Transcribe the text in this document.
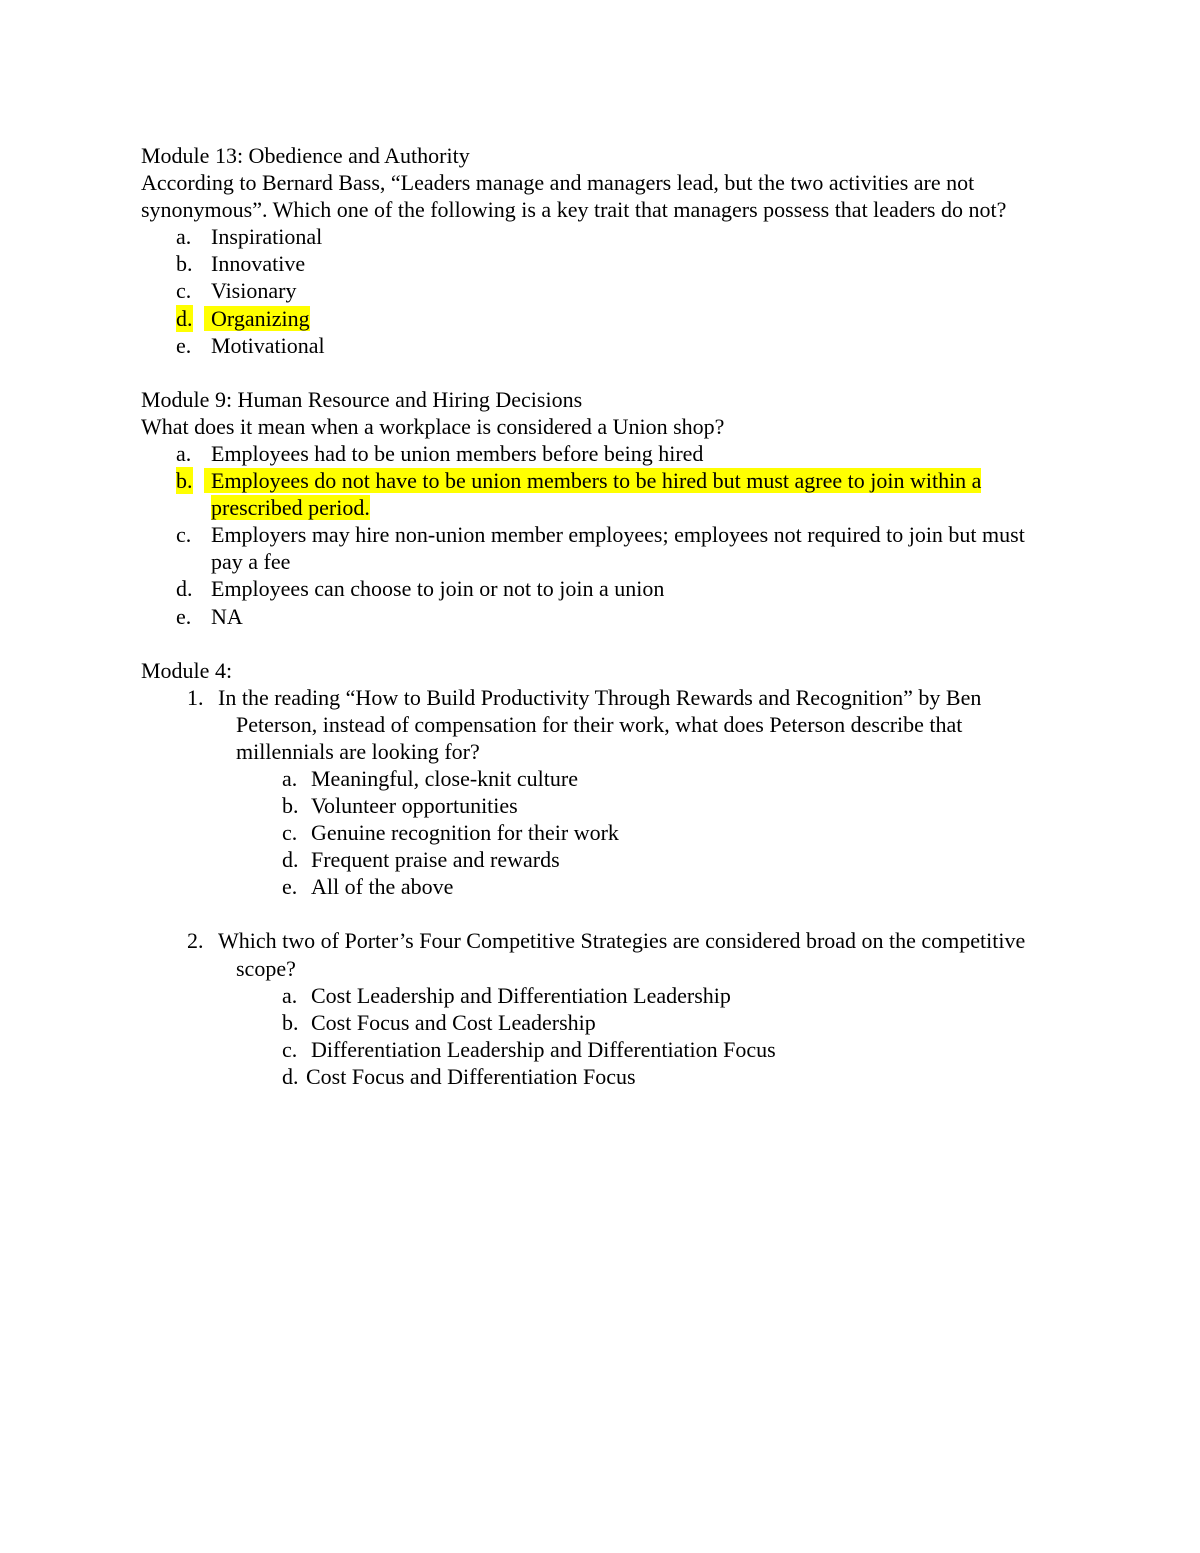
Module 13: Obedience and Authority
According to Bernard Bass, “Leaders manage and managers lead, but the two activities are not synonymous”. Which one of the following is a key trait that managers possess that leaders do not?
a. Inspirational
b. Innovative
c. Visionary
d. Organizing
e. Motivational
Module 9: Human Resource and Hiring Decisions
What does it mean when a workplace is considered a Union shop?
a. Employees had to be union members before being hired
b. Employees do not have to be union members to be hired but must agree to join within a prescribed period.
c. Employers may hire non-union member employees; employees not required to join but must pay a fee
d. Employees can choose to join or not to join a union
e. NA
Module 4:
1. In the reading “How to Build Productivity Through Rewards and Recognition” by Ben Peterson, instead of compensation for their work, what does Peterson describe that millennials are looking for?
a. Meaningful, close-knit culture
b. Volunteer opportunities
c. Genuine recognition for their work
d. Frequent praise and rewards
e. All of the above
2. Which two of Porter’s Four Competitive Strategies are considered broad on the competitive scope?
a. Cost Leadership and Differentiation Leadership
b. Cost Focus and Cost Leadership
c. Differentiation Leadership and Differentiation Focus
d. Cost Focus and Differentiation Focus
